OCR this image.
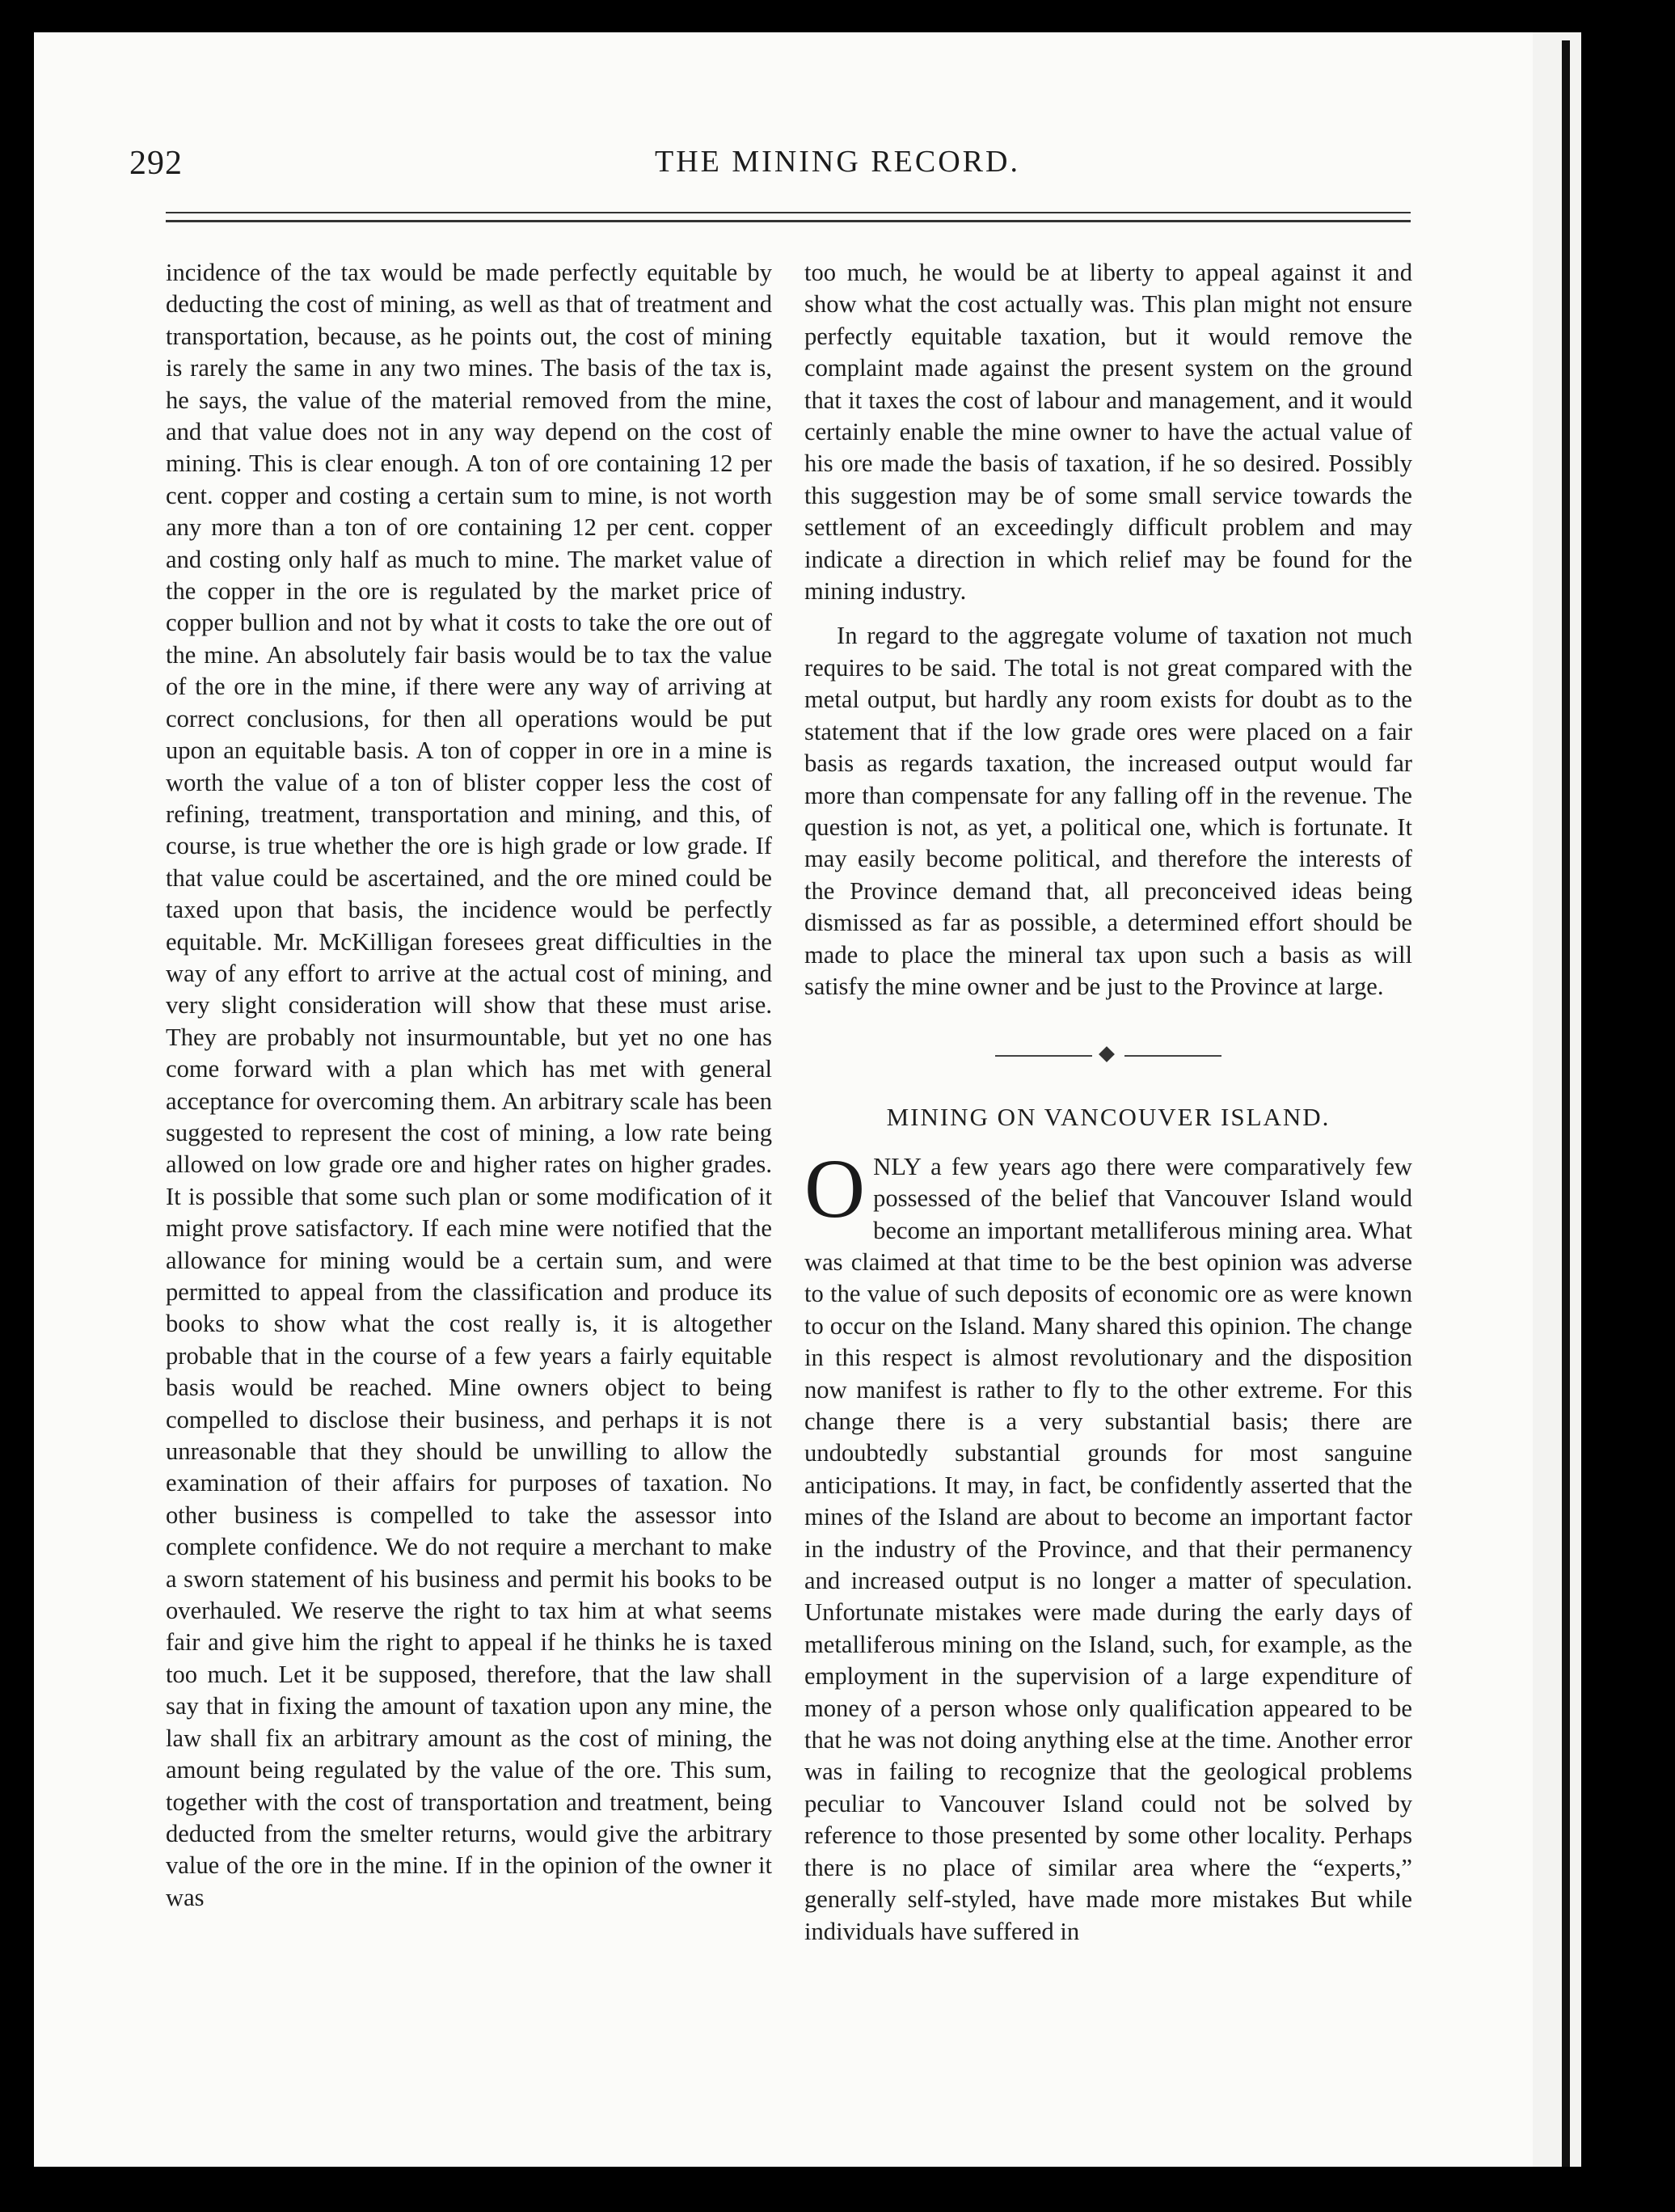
292	THE MINING RECORD.

incidence of the tax would be made perfectly equitable by deducting the cost of mining, as well as that of treatment and transportation, because, as he points out, the cost of mining is rarely the same in any two mines. The basis of the tax is, he says, the value of the material removed from the mine, and that value does not in any way depend on the cost of mining. This is clear enough. A ton of ore containing 12 per cent. copper and costing a certain sum to mine, is not worth any more than a ton of ore containing 12 per cent. copper and costing only half as much to mine. The market value of the copper in the ore is regulated by the market price of copper bullion and not by what it costs to take the ore out of the mine. An absolutely fair basis would be to tax the value of the ore in the mine, if there were any way of arriving at correct conclusions, for then all operations would be put upon an equitable basis. A ton of copper in ore in a mine is worth the value of a ton of blister copper less the cost of refining, treatment, transportation and mining, and this, of course, is true whether the ore is high grade or low grade. If that value could be ascertained, and the ore mined could be taxed upon that basis, the incidence would be perfectly equitable. Mr. McKilligan foresees great difficulties in the way of any effort to arrive at the actual cost of mining, and very slight consideration will show that these must arise. They are probably not insurmountable, but yet no one has come forward with a plan which has met with general acceptance for overcoming them. An arbitrary scale has been suggested to represent the cost of mining, a low rate being allowed on low grade ore and higher rates on higher grades. It is possible that some such plan or some modification of it might prove satisfactory. If each mine were notified that the allowance for mining would be a certain sum, and were permitted to appeal from the classification and produce its books to show what the cost really is, it is altogether probable that in the course of a few years a fairly equitable basis would be reached. Mine owners object to being compelled to disclose their business, and perhaps it is not unreasonable that they should be unwilling to allow the examination of their affairs for purposes of taxation. No other business is compelled to take the assessor into complete confidence. We do not require a merchant to make a sworn statement of his business and permit his books to be overhauled. We reserve the right to tax him at what seems fair and give him the right to appeal if he thinks he is taxed too much. Let it be supposed, therefore, that the law shall say that in fixing the amount of taxation upon any mine, the law shall fix an arbitrary amount as the cost of mining, the amount being regulated by the value of the ore. This sum, together with the cost of transportation and treatment, being deducted from the smelter returns, would give the arbitrary value of the ore in the mine. If in the opinion of the owner it was

too much, he would be at liberty to appeal against it and show what the cost actually was. This plan might not ensure perfectly equitable taxation, but it would remove the complaint made against the present system on the ground that it taxes the cost of labour and management, and it would certainly enable the mine owner to have the actual value of his ore made the basis of taxation, if he so desired. Possibly this suggestion may be of some small service towards the settlement of an exceedingly difficult problem and may indicate a direction in which relief may be found for the mining industry.

In regard to the aggregate volume of taxation not much requires to be said. The total is not great compared with the metal output, but hardly any room exists for doubt as to the statement that if the low grade ores were placed on a fair basis as regards taxation, the increased output would far more than compensate for any falling off in the revenue. The question is not, as yet, a political one, which is fortunate. It may easily become political, and therefore the interests of the Province demand that, all preconceived ideas being dismissed as far as possible, a determined effort should be made to place the mineral tax upon such a basis as will satisfy the mine owner and be just to the Province at large.

MINING ON VANCOUVER ISLAND.

ONLY a few years ago there were comparatively few possessed of the belief that Vancouver Island would become an important metalliferous mining area. What was claimed at that time to be the best opinion was adverse to the value of such deposits of economic ore as were known to occur on the Island. Many shared this opinion. The change in this respect is almost revolutionary and the disposition now manifest is rather to fly to the other extreme. For this change there is a very substantial basis; there are undoubtedly substantial grounds for most sanguine anticipations. It may, in fact, be confidently asserted that the mines of the Island are about to become an important factor in the industry of the Province, and that their permanency and increased output is no longer a matter of speculation. Unfortunate mistakes were made during the early days of metalliferous mining on the Island, such, for example, as the employment in the supervision of a large expenditure of money of a person whose only qualification appeared to be that he was not doing anything else at the time. Another error was in failing to recognize that the geological problems peculiar to Vancouver Island could not be solved by reference to those presented by some other locality. Perhaps there is no place of similar area where the “experts,” generally self-styled, have made more mistakes But while individuals have suffered in
